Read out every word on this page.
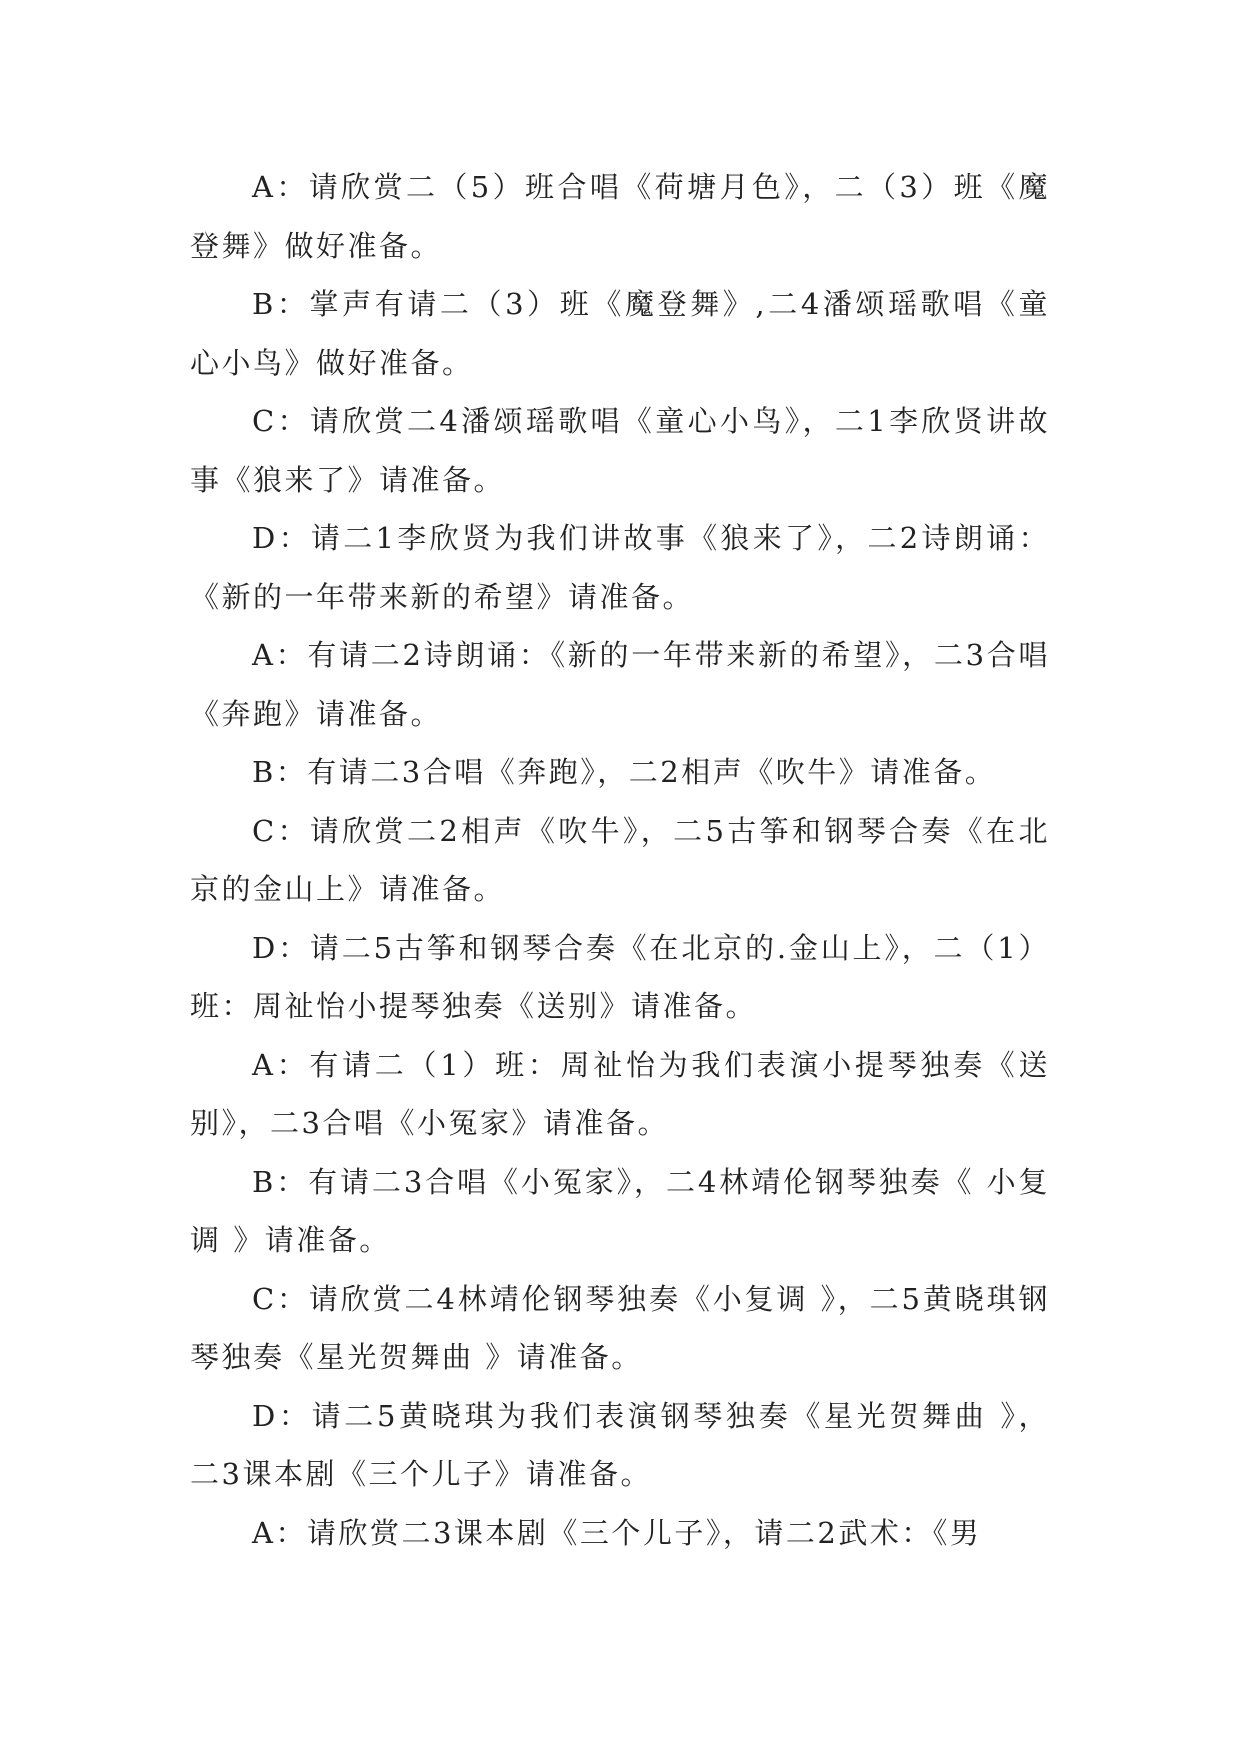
A：请欣赏二（5）班合唱《荷塘月色》，二（3）班《魔登舞》做好准备。

B：掌声有请二（3）班《魔登舞》,二4潘颂瑶歌唱《童心小鸟》做好准备。

C：请欣赏二4潘颂瑶歌唱《童心小鸟》，二1李欣贤讲故事《狼来了》请准备。

D：请二1李欣贤为我们讲故事《狼来了》，二2诗朗诵：《新的一年带来新的希望》请准备。

A：有请二2诗朗诵：《新的一年带来新的希望》，二3合唱《奔跑》请准备。

B：有请二3合唱《奔跑》，二2相声《吹牛》请准备。

C：请欣赏二2相声《吹牛》，二5古筝和钢琴合奏《在北京的金山上》请准备。

D：请二5古筝和钢琴合奏《在北京的.金山上》，二（1）班：周祉怡小提琴独奏《送别》请准备。

A：有请二（1）班：周祉怡为我们表演小提琴独奏《送别》，二3合唱《小冤家》请准备。

B：有请二3合唱《小冤家》，二4林靖伦钢琴独奏《 小复调 》请准备。

C：请欣赏二4林靖伦钢琴独奏《小复调 》，二5黄晓琪钢琴独奏《星光贺舞曲 》请准备。

D：请二5黄晓琪为我们表演钢琴独奏《星光贺舞曲 》，二3课本剧《三个儿子》请准备。

A：请欣赏二3课本剧《三个儿子》，请二2武术：《男
